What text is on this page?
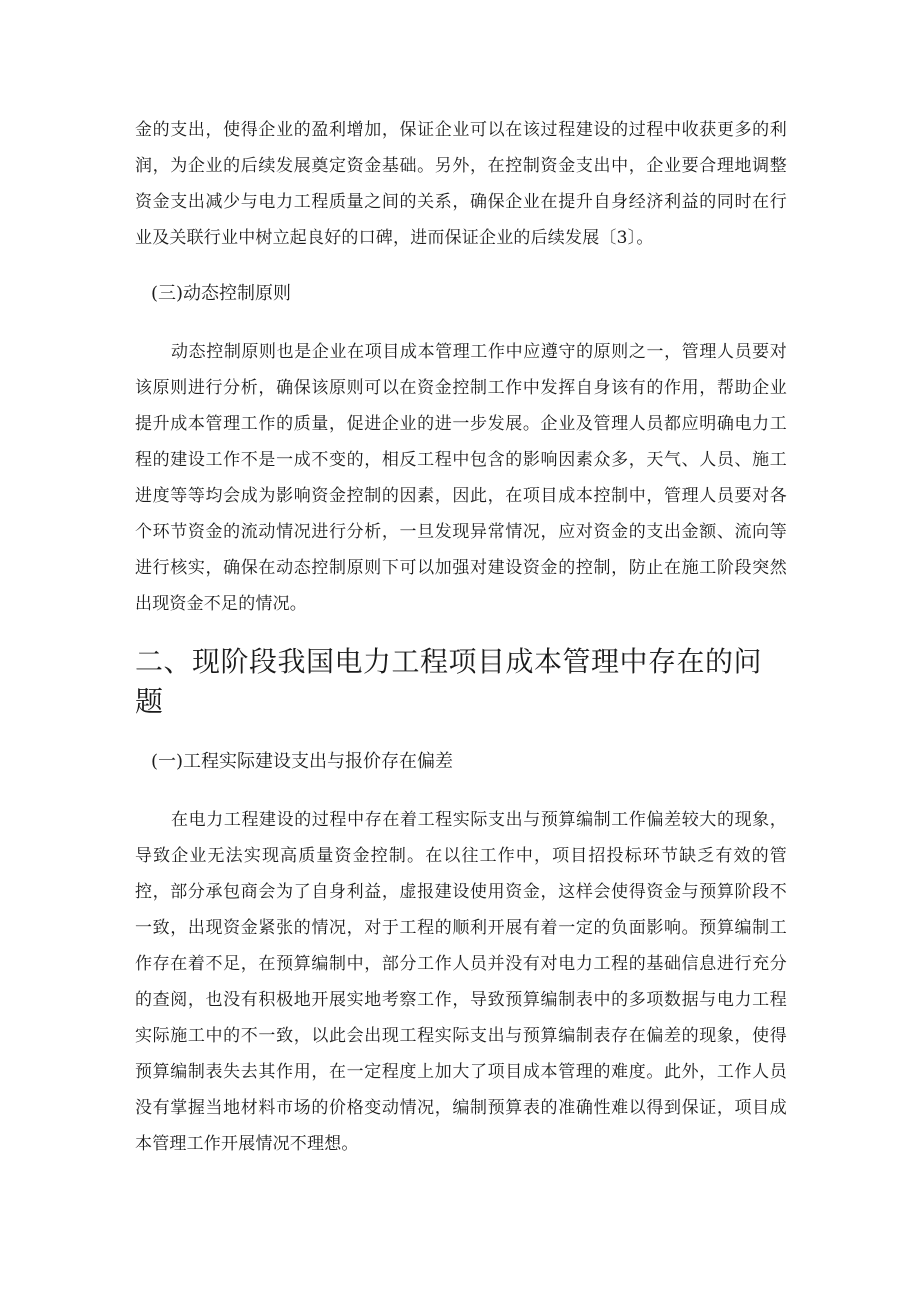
金的支出，使得企业的盈利增加，保证企业可以在该过程建设的过程中收获更多的利润，为企业的后续发展奠定资金基础。另外，在控制资金支出中，企业要合理地调整资金支出减少与电力工程质量之间的关系，确保企业在提升自身经济利益的同时在行业及关联行业中树立起良好的口碑，进而保证企业的后续发展〔3〕。

(三)动态控制原则

动态控制原则也是企业在项目成本管理工作中应遵守的原则之一，管理人员要对该原则进行分析，确保该原则可以在资金控制工作中发挥自身该有的作用，帮助企业提升成本管理工作的质量，促进企业的进一步发展。企业及管理人员都应明确电力工程的建设工作不是一成不变的，相反工程中包含的影响因素众多，天气、人员、施工进度等等均会成为影响资金控制的因素，因此，在项目成本控制中，管理人员要对各个环节资金的流动情况进行分析，一旦发现异常情况，应对资金的支出金额、流向等进行核实，确保在动态控制原则下可以加强对建设资金的控制，防止在施工阶段突然出现资金不足的情况。

二、现阶段我国电力工程项目成本管理中存在的问题

(一)工程实际建设支出与报价存在偏差

在电力工程建设的过程中存在着工程实际支出与预算编制工作偏差较大的现象，导致企业无法实现高质量资金控制。在以往工作中，项目招投标环节缺乏有效的管控，部分承包商会为了自身利益，虚报建设使用资金，这样会使得资金与预算阶段不一致，出现资金紧张的情况，对于工程的顺利开展有着一定的负面影响。预算编制工作存在着不足，在预算编制中，部分工作人员并没有对电力工程的基础信息进行充分的查阅，也没有积极地开展实地考察工作，导致预算编制表中的多项数据与电力工程实际施工中的不一致，以此会出现工程实际支出与预算编制表存在偏差的现象，使得预算编制表失去其作用，在一定程度上加大了项目成本管理的难度。此外，工作人员没有掌握当地材料市场的价格变动情况，编制预算表的准确性难以得到保证，项目成本管理工作开展情况不理想。
